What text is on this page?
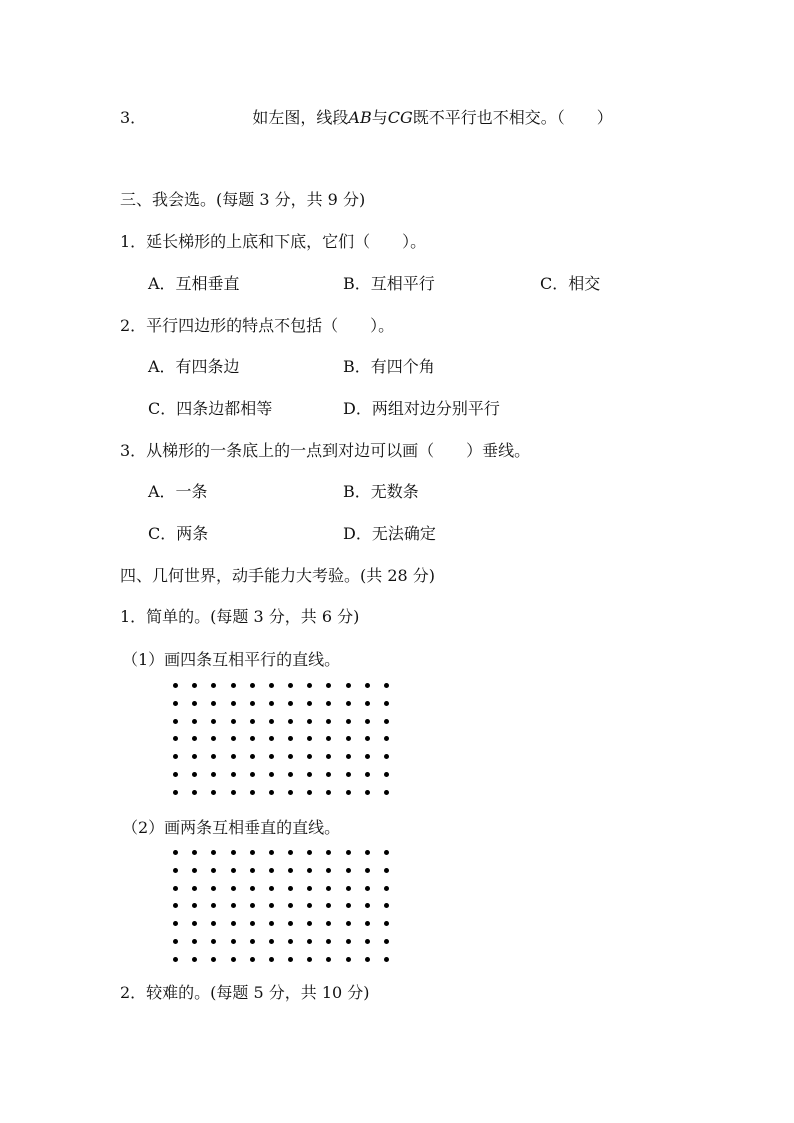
3．	如左图，线段AB与CG既不平行也不相交。（　　）
三、我会选。(每题 3 分，共 9 分)
1．延长梯形的上底和下底，它们（　　）。
A．互相垂直	B．互相平行	C．相交
2．平行四边形的特点不包括（　　）。
A．有四条边	B．有四个角
C．四条边都相等	D．两组对边分别平行
3．从梯形的一条底上的一点到对边可以画（　　）垂线。
A．一条	B．无数条
C．两条	D．无法确定
四、几何世界，动手能力大考验。(共 28 分)
1．简单的。(每题 3 分，共 6 分)
（1）画四条互相平行的直线。
（2）画两条互相垂直的直线。
2．较难的。(每题 5 分，共 10 分)
